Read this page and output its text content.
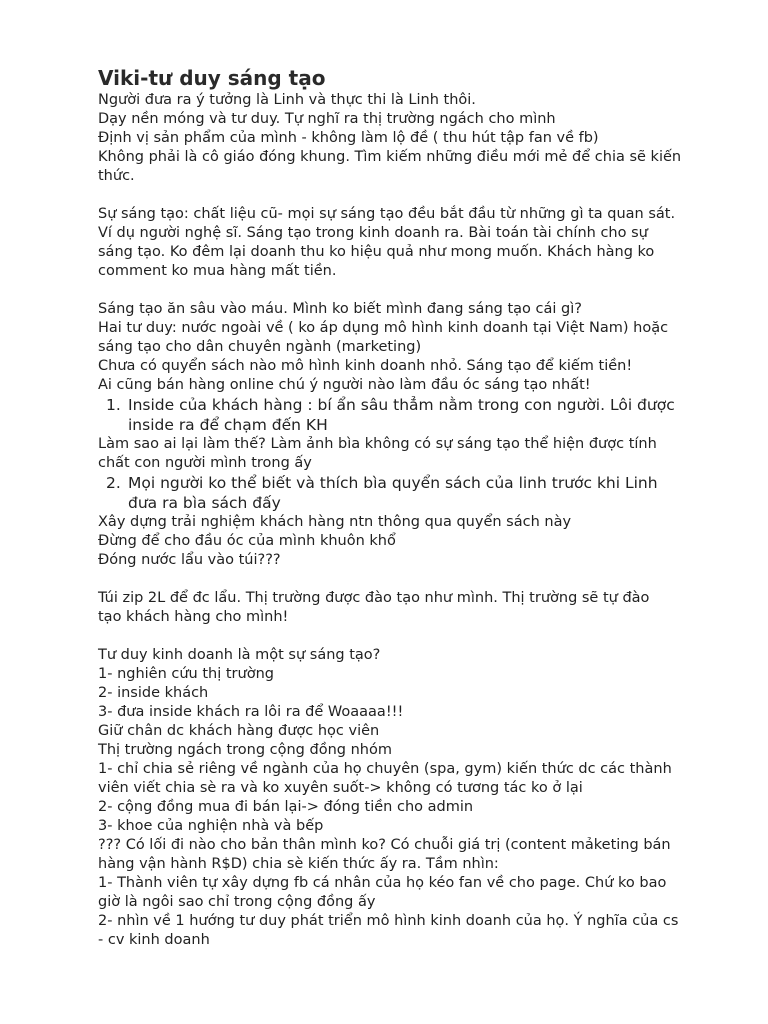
Viki-tư duy sáng tạo
Người đưa ra ý tưởng là Linh và thực thi là Linh thôi.
Dạy nền móng và tư duy. Tự nghĩ ra thị trường ngách cho mình
Định vị sản phẩm của mình - không làm lộ đề ( thu hút tập fan về fb)
Không phải là cô giáo đóng khung. Tìm kiếm những điều mới mẻ để chia sẽ kiến
thức.
Sự sáng tạo: chất liệu cũ- mọi sự sáng tạo đều bắt đầu từ những gì ta quan sát.
Ví dụ người nghệ sĩ. Sáng tạo trong kinh doanh ra. Bài toán tài chính cho sự
sáng tạo. Ko đêm lại doanh thu ko hiệu quả như mong muốn. Khách hàng ko
comment ko mua hàng mất tiền.
Sáng tạo ăn sâu vào máu. Mình ko biết mình đang sáng tạo cái gì?
Hai tư duy: nước ngoài về ( ko áp dụng mô hình kinh doanh tại Việt Nam) hoặc
sáng tạo cho dân chuyên ngành (marketing)
Chưa có quyển sách nào mô hình kinh doanh nhỏ. Sáng tạo để kiếm tiền!
Ai cũng bán hàng online chú ý người nào làm đầu óc sáng tạo nhất!
1. Inside của khách hàng : bí ẩn sâu thẳm nằm trong con người. Lôi được
inside ra để chạm đến KH
Làm sao ai lại làm thế? Làm ảnh bìa không có sự sáng tạo thể hiện được tính
chất con người mình trong ấy
2. Mọi người ko thể biết và thích bìa quyển sách của linh trước khi Linh
đưa ra bìa sách đấy
Xây dựng trải nghiệm khách hàng ntn thông qua quyển sách này
Đừng để cho đầu óc của mình khuôn khổ
Đóng nước lẩu vào túi???
Túi zip 2L để đc lẩu. Thị trường được đào tạo như mình. Thị trường sẽ tự đào
tạo khách hàng cho mình!
Tư duy kinh doanh là một sự sáng tạo?
1- nghiên cứu thị trường
2- inside khách
3- đưa inside khách ra lôi ra để Woaaaa!!!
Giữ chân dc khách hàng được học viên
Thị trường ngách trong cộng đồng nhóm
1- chỉ chia sẻ riêng về ngành của họ chuyên (spa, gym) kiến thức dc các thành
viên viết chia sè ra và ko xuyên suốt-> không có tương tác ko ở lại
2- cộng đồng mua đi bán lại-> đóng tiền cho admin
3- khoe của nghiện nhà và bếp
??? Có lối đi nào cho bản thân mình ko? Có chuỗi giá trị (content mảketing bán
hàng vận hành R$D) chia sè kiến thức ấy ra. Tầm nhìn:
1- Thành viên tự xây dựng fb cá nhân của họ kéo fan về cho page. Chứ ko bao
giờ là ngôi sao chỉ trong cộng đồng ấy
2- nhìn về 1 hướng tư duy phát triển mô hình kinh doanh của họ. Ý nghĩa của cs
- cv kinh doanh
